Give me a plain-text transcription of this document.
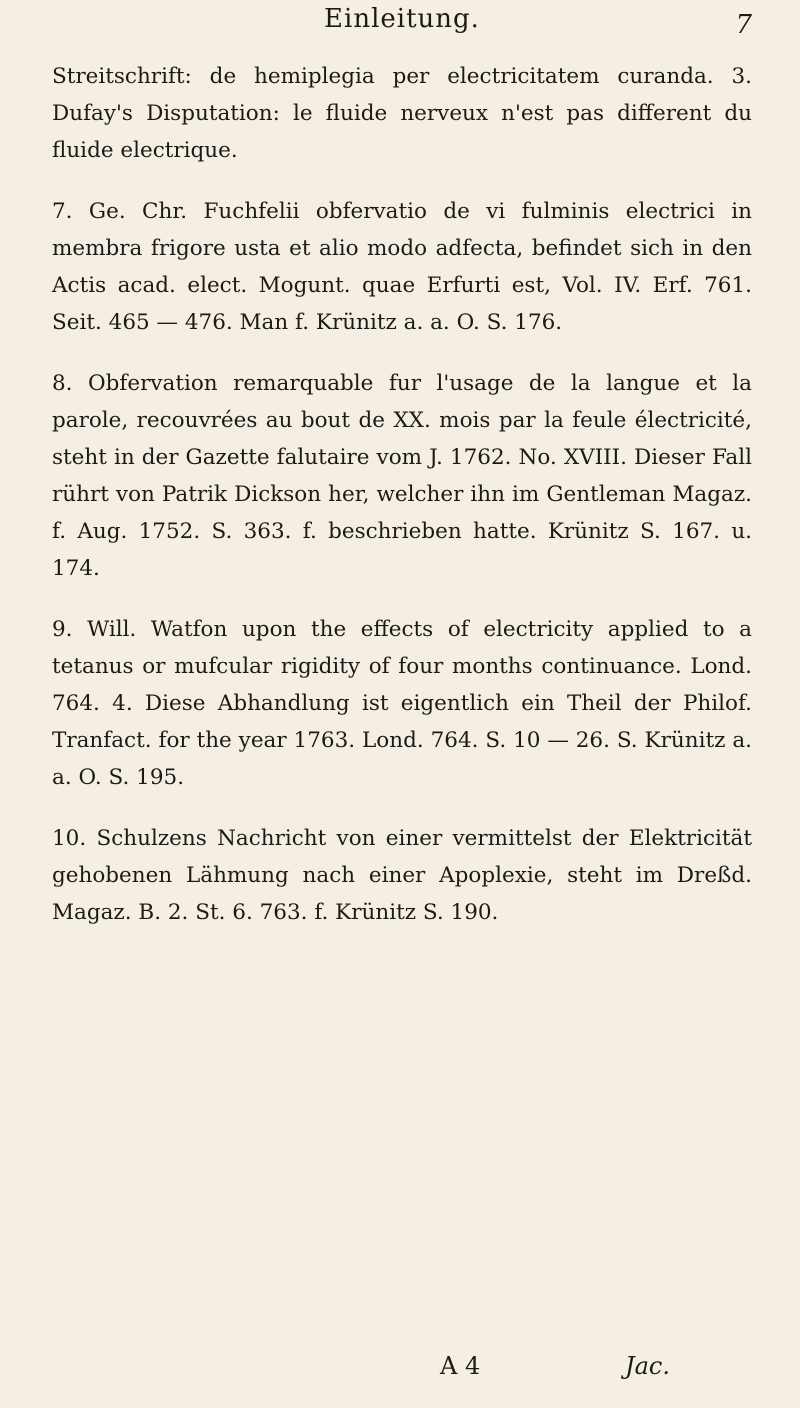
Einleitung.	7

Streitschrift: de hemiplegia per electricitatem curanda. 3. Dufay's Disputation: le fluide nerveux n'est pas different du fluide electrique.

7. Ge. Chr. Fuchfelii obfervatio de vi fulminis electrici in membra frigore usta et alio modo adfecta, befindet sich in den Actis acad. elect. Mogunt. quae Erfurti est, Vol. IV. Erf. 761. Seit. 465 — 476. Man f. Krünitz a. a. O. S. 176.

8. Obfervation remarquable fur l'usage de la langue et la parole, recouvrées au bout de XX. mois par la feule électricité, steht in der Gazette falutaire vom J. 1762. No. XVIII. Dieser Fall rührt von Patrik Dickson her, welcher ihn im Gentleman Magaz. f. Aug. 1752. S. 363. f. beschrieben hatte. Krünitz S. 167. u. 174.

9. Will. Watfon upon the effects of electricity applied to a tetanus or mufcular rigidity of four months continuance. Lond. 764. 4. Diese Abhandlung ist eigentlich ein Theil der Philof. Tranfact. for the year 1763. Lond. 764. S. 10 — 26. S. Krünitz a. a. O. S. 195.

10. Schulzens Nachricht von einer vermittelst der Elektricität gehobenen Lähmung nach einer Apoplexie, steht im Dreßd. Magaz. B. 2. St. 6. 763. f. Krünitz S. 190.

A 4	Jac.
